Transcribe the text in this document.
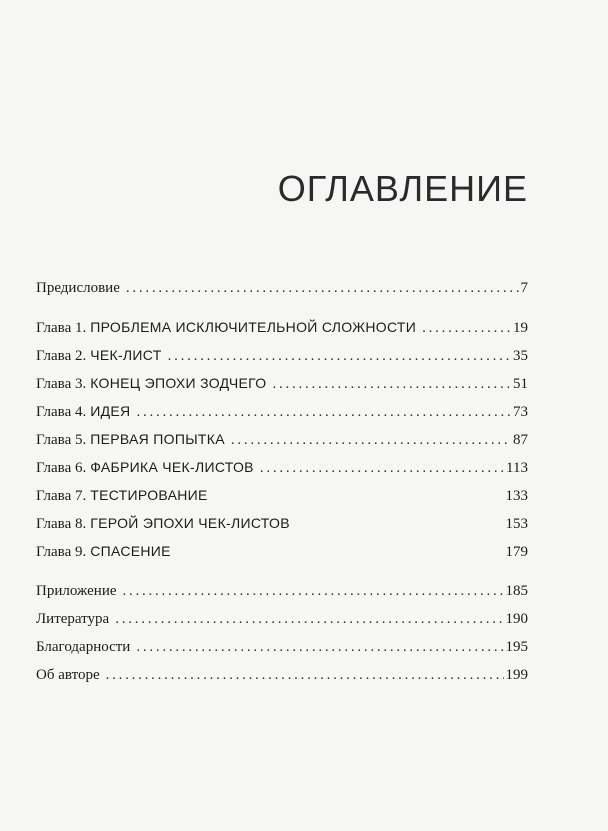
ОГЛАВЛЕНИЕ
Предисловие . . .	7
Глава 1. ПРОБЛЕМА ИСКЛЮЧИТЕЛЬНОЙ СЛОЖНОСТИ . . .	19
Глава 2. ЧЕК-ЛИСТ . . .	35
Глава 3. КОНЕЦ ЭПОХИ ЗОДЧЕГО . . .	51
Глава 4. ИДЕЯ . . .	73
Глава 5. ПЕРВАЯ ПОПЫТКА . . .	87
Глава 6. ФАБРИКА ЧЕК-ЛИСТОВ . . .	113
Глава 7. ТЕСТИРОВАНИЕ	133
Глава 8. ГЕРОЙ ЭПОХИ ЧЕК-ЛИСТОВ	153
Глава 9. СПАСЕНИЕ	179
Приложение . . .	185
Литература . . .	190
Благодарности . . .	195
Об авторе . . .	199
